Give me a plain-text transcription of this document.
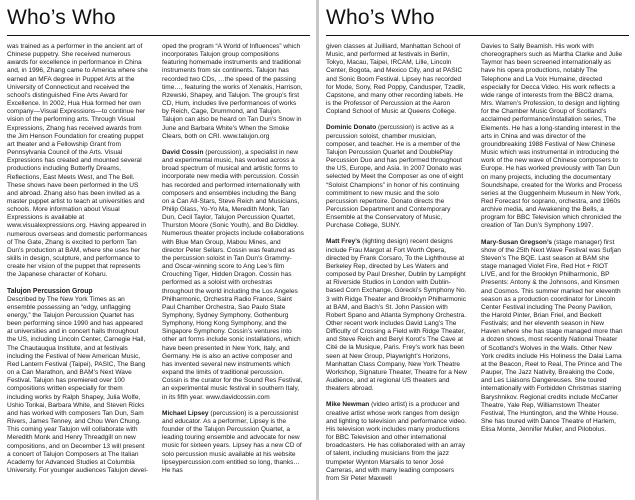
Who’s Who

was trained as a performer in the ancient art of Chinese puppetry. She received numerous awards for excellence in performance in China and, in 1996, Zhang came to America where she earned an MFA degree in Puppet Arts at the University of Connecticut and received the school’s distinguished Fine Arts Award for Excellence. In 2002, Hua Hua formed her own company—Visual Expressions—to continue her vision of the performing arts. Through Visual Expressions, Zhang has received awards from the Jim Henson Foundation for creating puppet art theater and a Fellowship Grant from Pennsylvania Council of the Arts. Visual Expressions has created and mounted several productions including Butterfly Dreams, Reflections, East Meets West, and The Bell. These shows have been performed in the US and abroad. Zhang also has been invited as a master puppet artist to teach at universities and schools. More information about Visual Expressions is available at www.visualexpressions.org. Having appeared in numerous overseas and domestic performances of The Gate, Zhang is excited to perform Tan Dun’s production at BAM, where she uses her skills in design, sculpture, and performance to create her vision of the puppet that represents the Japanese character of Koharu.

Talujon Percussion Group

Described by The New York Times as an ensemble possessing an “edgy, unflagging energy,” the Talujon Percussion Quartet has been performing since 1990 and has appeared at universities and in concert halls throughout the US, including Lincoln Center, Carnegie Hall, The Chautauqua Institute, and at festivals including the Festival of New American Music, Red Lantern Festival (Taipei), PASIC, The Bang on a Can Marathon, and BAM’s Next Wave Festival. Talujon has premiered over 100 compositions written especially for them including works by Ralph Shapey, Julia Wolfe, Ushio Torikai, Barbara White, and Steven Ricks and has worked with composers Tan Dun, Sam Rivers, James Tenney, and Chou Wen Chung. This coming year Talujon will collaborate with Meredith Monk and Henry Threadgill on new compositions, and on December 13 will present a concert of Talujon Composers at The Italian Academy for Advanced Studies at Columbia University. For younger audiences Talujon devel-

oped the program “A World of Influences” which incorporates Talujon group compositions featuring homemade instruments and traditional instruments from six continents. Talujon has recorded two CDs, …the speed of the passing time…, featuring the works of Xenakis, Harrison, Rzewski, Shapey, and Talujon. The group’s first CD, Hum, includes live performances of works by Reich, Cage, Drummond, and Talujon. Talujon can also be heard on Tan Dun’s Snow in June and Barbara White’s When the Smoke Clears, both on CRI. www.talujon.org

David Cossin (percussion), a specialist in new and experimental music, has worked across a broad spectrum of musical and artistic forms to incorporate new media with percussion. Cossin has recorded and performed internationally with composers and ensembles including the Bang on a Can All-Stars, Steve Reich and Musicians, Philip Glass, Yo-Yo Ma, Meredith Monk, Tan Dun, Cecil Taylor, Talujon Percussion Quartet, Thurston Moore (Sonic Youth), and Bo Diddley. Numerous theater projects include collaborations with Blue Man Group, Mabou Mines, and director Peter Sellars. Cossin was featured as the percussion soloist in Tan Dun’s Grammy- and Oscar-winning score to Ang Lee’s film Crouching Tiger, Hidden Dragon. Cossin has performed as a soloist with orchestras throughout the world including the Los Angeles Philharmonic, Orchestra Radio France, Saint Paul Chamber Orchestra, Sao Paulo State Symphony, Sydney Symphony, Gothenburg Symphony, Hong Kong Symphony, and the Singapore Symphony. Cossin’s ventures into other art forms include sonic installations, which have been presented in New York, Italy, and Germany. He is also an active composer and has invented several new instruments which expand the limits of traditional percussion. Cossin is the curator for the Sound Res Festival, an experimental music festival in southern Italy, in its fifth year. www.davidcossin.com

Michael Lipsey (percussion) is a percussionist and educator. As a performer, Lipsey is the founder of the Talujon Percussion Quartet, a leading touring ensemble and advocate for new music for sixteen years. Lipsey has a new CD of solo percussion music available at his website lipseypercussion.com entitled so long, thanks… He has

Who’s Who

given classes at Juilliard, Manhattan School of Music, and performed at festivals in Berlin, Tokyo, Macau, Taipei, IRCAM, Lille, Lincoln Center, Bogota, and Mexico City, and at PASIC and Sonic Boom Festival. Lipsey has recorded for Mode, Sony, Red Poppy, Candusper, Tzadik, Capstone, and many other recording labels. He is the Professor of Percussion at the Aaron Copland School of Music at Queens College.

Dominic Donato (percussion) is active as a percussion soloist, chamber musician, composer, and teacher. He is a member of the Talujon Percussion Quartet and DoublePlay Percussion Duo and has performed throughout the US, Europe, and Asia. In 2007 Donato was selected by Meet the Composer as one of eight “Soloist Champions” in honor of his continuing commitment to new music and the solo percussion repertoire. Donato directs the Percussion Department and Contemporary Ensemble at the Conservatory of Music, Purchase College, SUNY.

Matt Frey’s (lighting design) recent designs include Frau Margot at Fort Worth Opera, directed by Frank Corsaro, To the Lighthouse at Berkeley Rep, directed by Les Waters and composed by Paul Dresher, Dublin by Lamplight at Riverside Studios in London with Dublin-based Corn Exchange, Górecki’s Symphony No. 3 with Ridge Theater and Brooklyn Philharmonic at BAM, and Bach’s St. John Passion with Robert Spano and Atlanta Symphony Orchestra. Other recent work includes David Lang’s The Difficulty of Crossing a Field with Ridge Theater, and Steve Reich and Beryl Korot’s The Cave at Cité de la Musique, Paris. Frey’s work has been seen at New Group, Playwright’s Horizons, Manhattan Class Company, New York Theatre Workshop, Signature Theater, Theatre for a New Audience, and at regional US theaters and theaters abroad.

Mike Newman (video artist) is a producer and creative artist whose work ranges from design and lighting to television and performance video. His television work includes many productions for BBC Television and other international broadcasters. He has collaborated with an array of talent, including musicians from the jazz trumpeter Wynton Marsalis to tenor José Carreras, and with many leading composers from Sir Peter Maxwell

Davies to Sally Beamish. His work with choreographers such as Martha Clarke and Julie Taymor has been screened internationally as have his opera productions, notably The Telephone and La Voix Humaine, directed especially for Decca Video. His work reflects a wide range of interests from the BBC2 drama, Mrs. Warren’s Profession, to design and lighting for the Chamber Music Group of Scotland’s acclaimed performance/installation series, The Elements. He has a long-standing interest in the arts in China and was director of the groundbreaking 1988 Festival of New Chinese Music which was instrumental in introducing the work of the new wave of Chinese composers to Europe. He has worked previously with Tan Dun on many projects, including the documentary Soundshape, created for the Works and Process series at the Guggenheim Museum in New York, Red Forecast for soprano, orchestra, and 1960s archive media, and Awakening the Bells, a program for BBC Television which chronicled the creation of Tan Dun’s Symphony 1997.

Mary-Susan Gregson’s (stage manager) first show of the 25th Next Wave Festival was Sufjan Steven’s The BQE. Last season at BAM she stage managed Violet Fire, Red Hot + RIOT LIVE, and for the Brooklyn Philharmonic, BP Presents: Antony & the Johnsons, and Kinsmen and Cosmos. This summer marked her eleventh season as a production coordinator for Lincoln Center Festival including The Peony Pavilion, the Harold Pinter, Brian Friel, and Beckett Festivals; and her eleventh season in New Haven where she has stage managed more than a dozen shows, most recently National Theater of Scotland’s Wolves in the Walls. Other New York credits include His Holiness the Dalai Lama at the Beacon, Reel to Real, The Prince and The Pauper, The Jazz Nativity, Breaking the Code, and Les Liaisons Dangereuses. She toured internationally with Forbidden Christmas starring Baryshnikov. Regional credits include McCarter Theatre, Yale Rep, Williamstown Theater Festival, The Huntington, and the White House. She has toured with Dance Theatre of Harlem, Elisa Monte, Jennifer Muller, and Pilobolus.
